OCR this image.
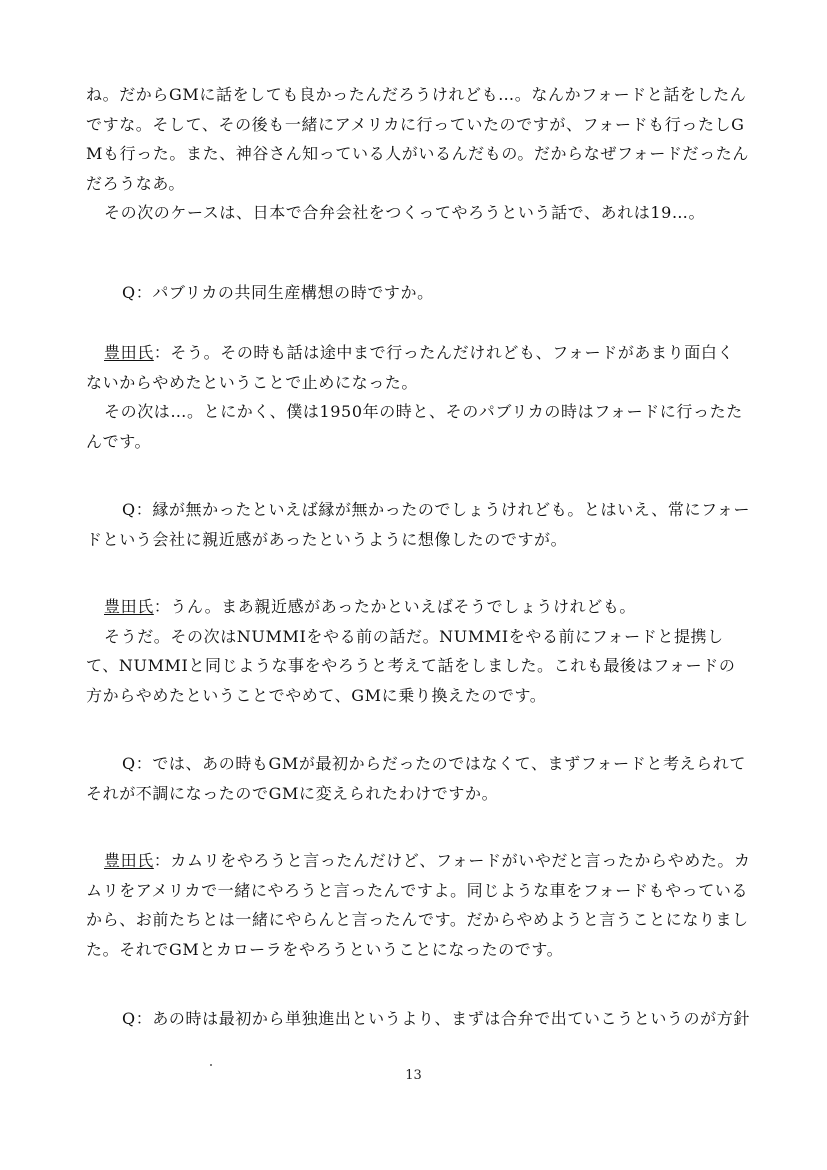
ね。だからGMに話をしても良かったんだろうけれども…。なんかフォードと話をしたん
ですな。そして、その後も一緒にアメリカに行っていたのですが、フォードも行ったしG
Mも行った。また、神谷さん知っている人がいるんだもの。だからなぜフォードだったん
だろうなあ。
その次のケースは、日本で合弁会社をつくってやろうという話で、あれは19…。
Q：パブリカの共同生産構想の時ですか。
豊田氏：そう。その時も話は途中まで行ったんだけれども、フォードがあまり面白く
ないからやめたということで止めになった。
その次は…。とにかく、僕は1950年の時と、そのパブリカの時はフォードに行ったた
んです。
Q：縁が無かったといえば縁が無かったのでしょうけれども。とはいえ、常にフォー
ドという会社に親近感があったというように想像したのですが。
豊田氏：うん。まあ親近感があったかといえばそうでしょうけれども。
そうだ。その次はNUMMIをやる前の話だ。NUMMIをやる前にフォードと提携し
て、NUMMIと同じような事をやろうと考えて話をしました。これも最後はフォードの
方からやめたということでやめて、GMに乗り換えたのです。
Q：では、あの時もGMが最初からだったのではなくて、まずフォードと考えられて
それが不調になったのでGMに変えられたわけですか。
豊田氏：カムリをやろうと言ったんだけど、フォードがいやだと言ったからやめた。カ
ムリをアメリカで一緒にやろうと言ったんですよ。同じような車をフォードもやっている
から、お前たちとは一緒にやらんと言ったんです。だからやめようと言うことになりまし
た。それでGMとカローラをやろうということになったのです。
Q：あの時は最初から単独進出というより、まずは合弁で出ていこうというのが方針
13
